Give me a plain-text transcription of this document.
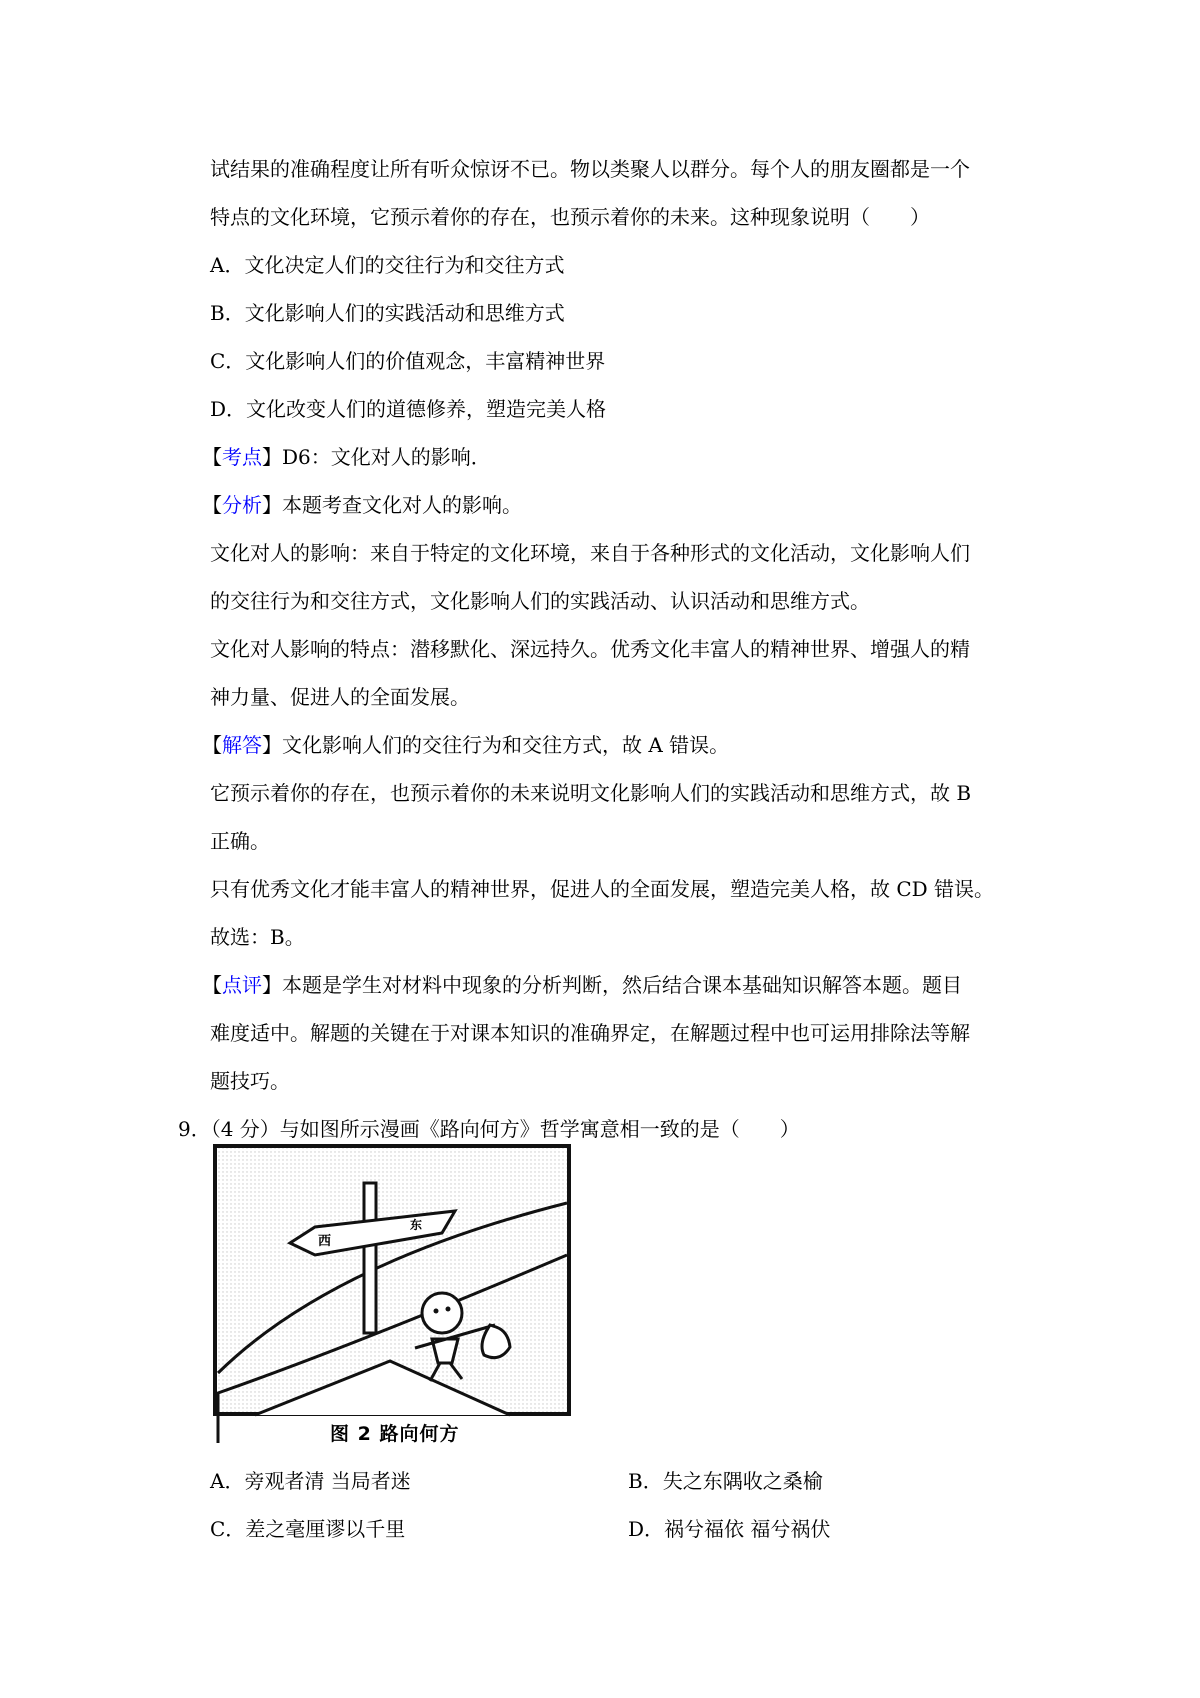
试结果的准确程度让所有听众惊讶不已。物以类聚人以群分。每个人的朋友圈都是一个
特点的文化环境，它预示着你的存在，也预示着你的未来。这种现象说明（　　）
A．文化决定人们的交往行为和交往方式
B．文化影响人们的实践活动和思维方式
C．文化影响人们的价值观念，丰富精神世界
D．文化改变人们的道德修养，塑造完美人格
【考点】D6：文化对人的影响．
【分析】本题考查文化对人的影响。
文化对人的影响：来自于特定的文化环境，来自于各种形式的文化活动，文化影响人们
的交往行为和交往方式，文化影响人们的实践活动、认识活动和思维方式。
文化对人影响的特点：潜移默化、深远持久。优秀文化丰富人的精神世界、增强人的精
神力量、促进人的全面发展。
【解答】文化影响人们的交往行为和交往方式，故 A 错误。
它预示着你的存在，也预示着你的未来说明文化影响人们的实践活动和思维方式，故 B
正确。
只有优秀文化才能丰富人的精神世界，促进人的全面发展，塑造完美人格，故 CD 错误。
故选：B。
【点评】本题是学生对材料中现象的分析判断，然后结合课本基础知识解答本题。题目
难度适中。解题的关键在于对课本知识的准确界定，在解题过程中也可运用排除法等解
题技巧。
9．（4 分）与如图所示漫画《路向何方》哲学寓意相一致的是（　　）
西
东
图 2 路向何方
A．旁观者清 当局者迷	B．失之东隅收之桑榆
C．差之毫厘谬以千里	D．祸兮福依 福兮祸伏
